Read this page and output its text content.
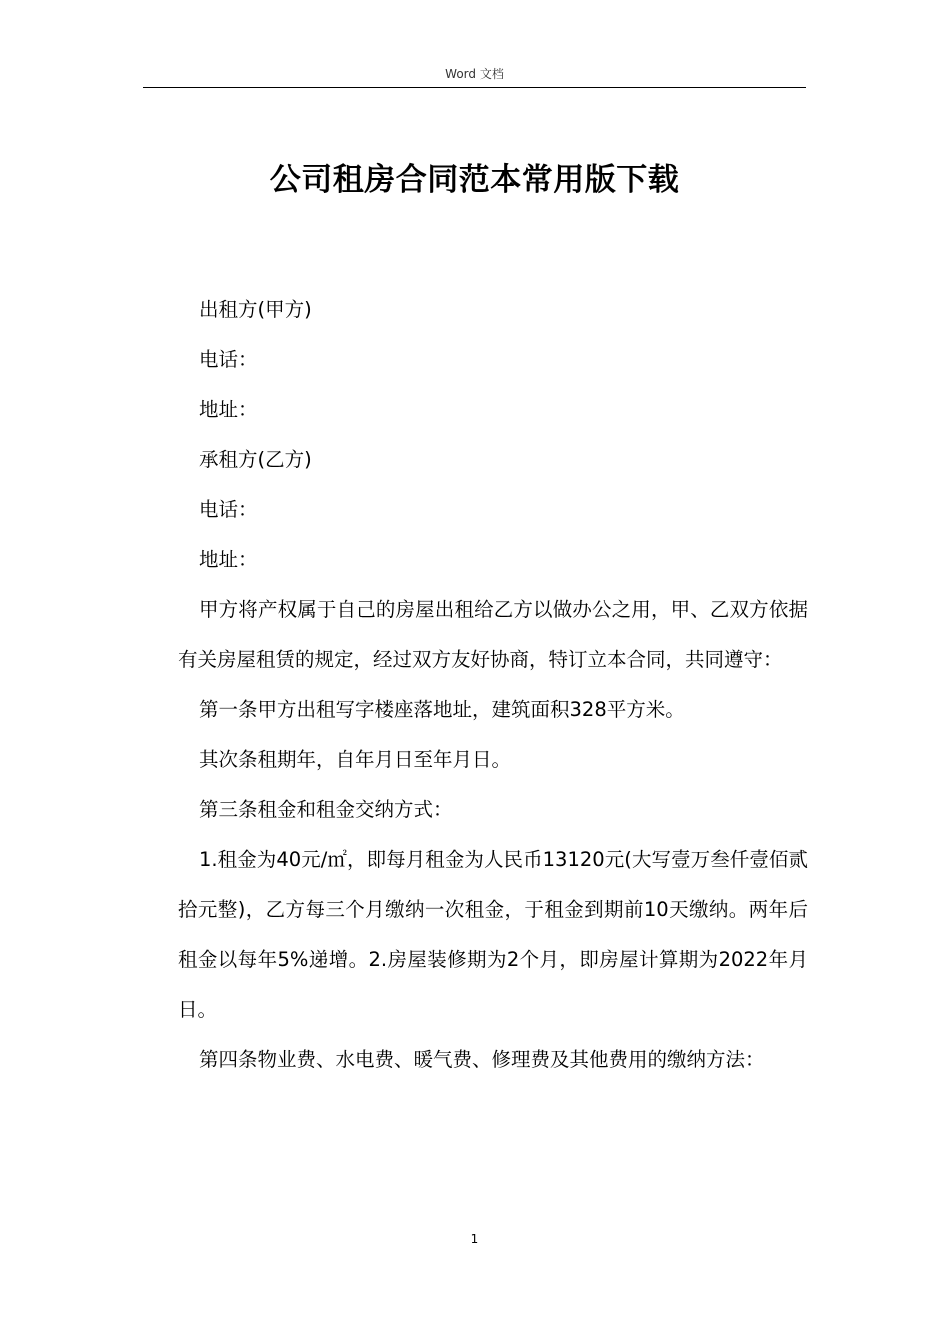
Word 文档
公司租房合同范本常用版下载

出租方(甲方)

电话：

地址：

承租方(乙方)

电话：

地址：

甲方将产权属于自己的房屋出租给乙方以做办公之用，甲、乙双方依据有关房屋租赁的规定，经过双方友好协商，特订立本合同，共同遵守：

第一条甲方出租写字楼座落地址，建筑面积328平方米。

其次条租期年，自年月日至年月日。

第三条租金和租金交纳方式：

1.租金为40元/㎡，即每月租金为人民币13120元(大写壹万叁仟壹佰贰拾元整)，乙方每三个月缴纳一次租金，于租金到期前10天缴纳。两年后租金以每年5%递增。2.房屋装修期为2个月，即房屋计算期为2022年月日。

第四条物业费、水电费、暖气费、修理费及其他费用的缴纳方法：

1
